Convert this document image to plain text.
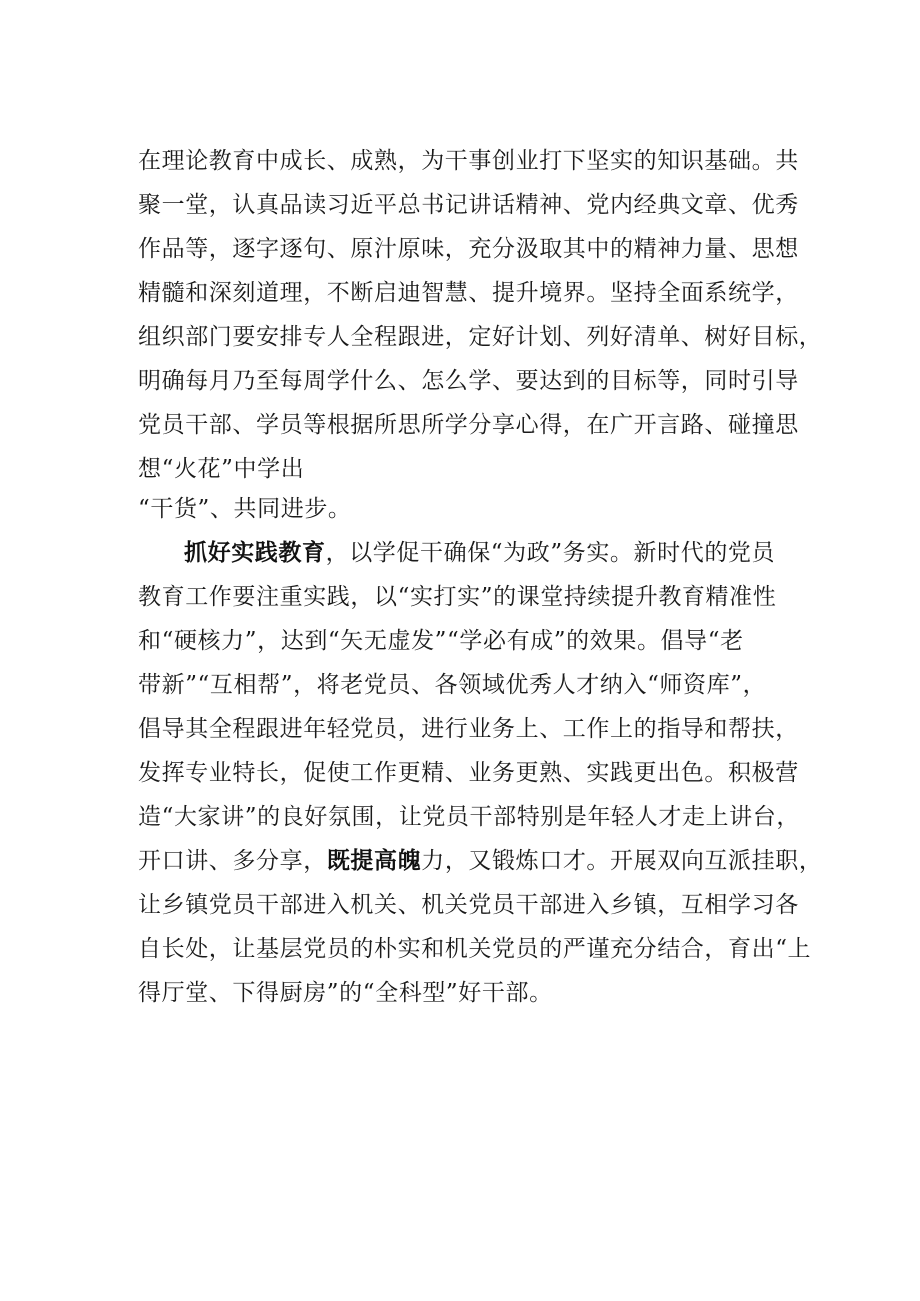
在理论教育中成长、成熟，为干事创业打下坚实的知识基础。共
聚一堂，认真品读习近平总书记讲话精神、党内经典文章、优秀
作品等，逐字逐句、原汁原味，充分汲取其中的精神力量、思想
精髓和深刻道理，不断启迪智慧、提升境界。坚持全面系统学，
组织部门要安排专人全程跟进，定好计划、列好清单、树好目标，
明确每月乃至每周学什么、怎么学、要达到的目标等，同时引导
党员干部、学员等根据所思所学分享心得，在广开言路、碰撞思
想“火花”中学出
“干货”、共同进步。
抓好实践教育，以学促干确保“为政”务实。新时代的党员
教育工作要注重实践，以“实打实”的课堂持续提升教育精准性
和“硬核力”，达到“矢无虚发”“学必有成”的效果。倡导“老
带新”“互相帮”，将老党员、各领域优秀人才纳入“师资库”，
倡导其全程跟进年轻党员，进行业务上、工作上的指导和帮扶，
发挥专业特长，促使工作更精、业务更熟、实践更出色。积极营
造“大家讲”的良好氛围，让党员干部特别是年轻人才走上讲台，
开口讲、多分享，既提高魄力，又锻炼口才。开展双向互派挂职，
让乡镇党员干部进入机关、机关党员干部进入乡镇，互相学习各
自长处，让基层党员的朴实和机关党员的严谨充分结合，育出“上
得厅堂、下得厨房”的“全科型”好干部。
